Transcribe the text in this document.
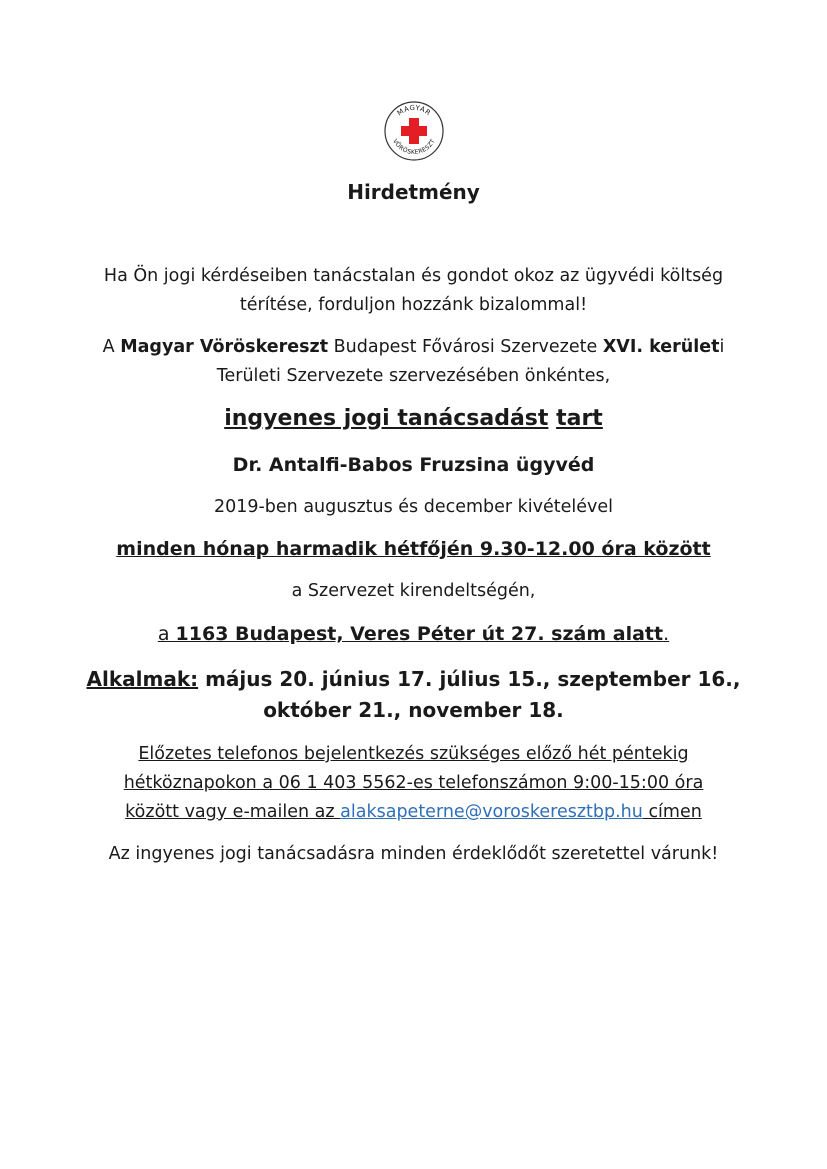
MAGYAR
VÖRÖSKERESZT
Hirdetmény
Ha Ön jogi kérdéseiben tanácstalan és gondot okoz az ügyvédi költség
térítése, forduljon hozzánk bizalommal!
A Magyar Vöröskereszt Budapest Fővárosi Szervezete XVI. kerületi
Területi Szervezete szervezésében önkéntes,
ingyenes jogi tanácsadást tart
Dr. Antalfi-Babos Fruzsina ügyvéd
2019-ben augusztus és december kivételével
minden hónap harmadik hétfőjén 9.30-12.00 óra között
a Szervezet kirendeltségén,
a 1163 Budapest, Veres Péter út 27. szám alatt.
Alkalmak: május 20. június 17. július 15., szeptember 16.,
október 21., november 18.
Előzetes telefonos bejelentkezés szükséges előző hét péntekig
hétköznapokon a 06 1 403 5562-es telefonszámon 9:00-15:00 óra
között vagy e-mailen az alaksapeterne@voroskeresztbp.hu címen
Az ingyenes jogi tanácsadásra minden érdeklődőt szeretettel várunk!
